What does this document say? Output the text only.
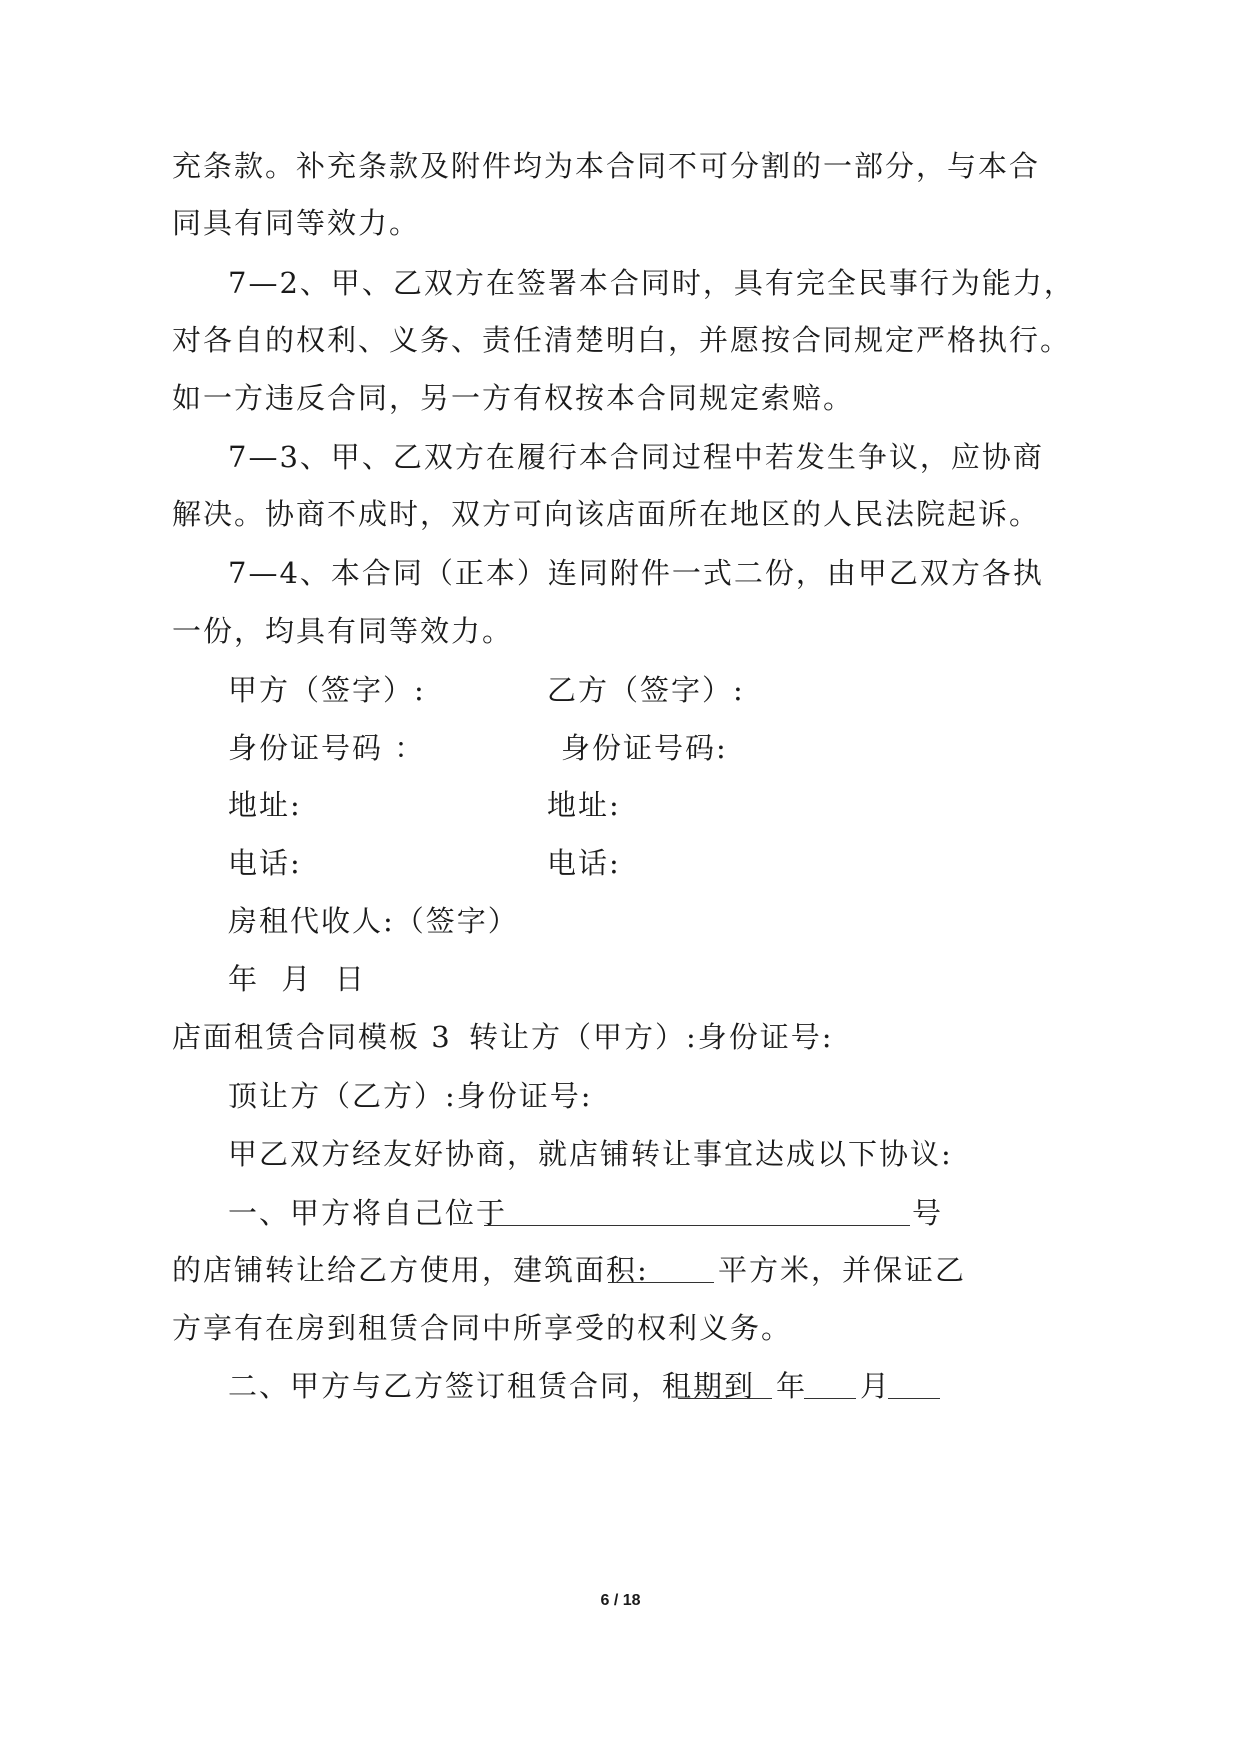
充条款。补充条款及附件均为本合同不可分割的一部分，与本合
同具有同等效力。
7—2、甲、乙双方在签署本合同时，具有完全民事行为能力，
对各自的权利、义务、责任清楚明白，并愿按合同规定严格执行。
如一方违反合同，另一方有权按本合同规定索赔。
7—3、甲、乙双方在履行本合同过程中若发生争议，应协商
解决。协商不成时，双方可向该店面所在地区的人民法院起诉。
7—4、本合同（正本）连同附件一式二份，由甲乙双方各执
一份，均具有同等效力。
甲方（签字）:	乙方（签字）:
身份证号码 ：	身份证号码:
地址:	地址:
电话:	电话:
房租代收人:（签字）
年  月  日
店面租赁合同模板 3 转让方（甲方）:身份证号:
顶让方（乙方）:身份证号:
甲乙双方经友好协商，就店铺转让事宜达成以下协议:
一、甲方将自己位于	号
的店铺转让给乙方使用，建筑面积: 平方米，并保证乙
方享有在房到租赁合同中所享受的权利义务。
二、甲方与乙方签订租赁合同，租期到 年 月
6 / 18
